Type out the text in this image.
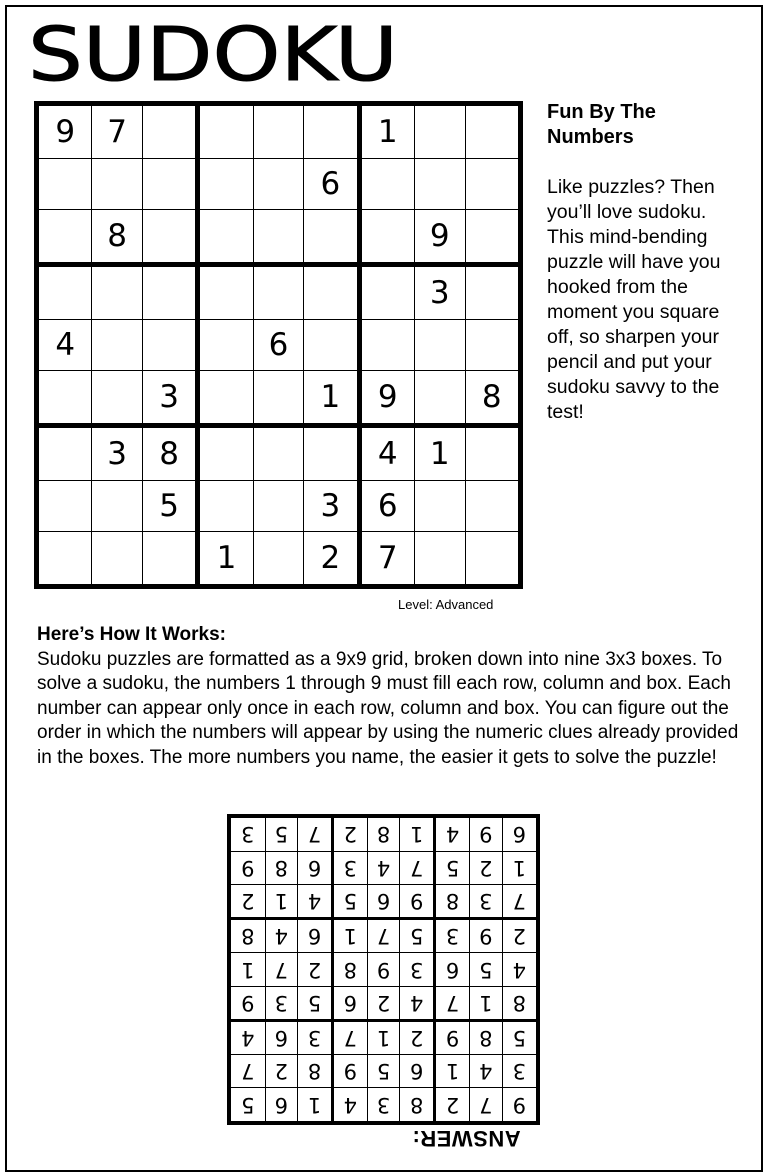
SUDOKU
9	7					1		
					6			
	8						9	
							3	
4				6				
		3			1	9		8
	3	8				4	1	
		5			3	6		
			1		2	7		
Fun By The Numbers

Like puzzles? Then you’ll love sudoku. This mind-bending puzzle will have you hooked from the moment you square off, so sharpen your pencil and put your sudoku savvy to the test!

Level: Advanced
Here’s How It Works:

Sudoku puzzles are formatted as a 9x9 grid, broken down into nine 3x3 boxes. To solve a sudoku, the numbers 1 through 9 must fill each row, column and box. Each number can appear only once in each row, column and box. You can figure out the order in which the numbers will appear by using the numeric clues already provided in the boxes. The more numbers you name, the easier it gets to solve the puzzle!

9	7	2	8	3	4	1	6	5
3	4	1	6	5	9	8	2	7
5	8	9	2	1	7	3	6	4
8	1	7	4	2	6	5	3	9
4	5	6	3	9	8	2	7	1
2	9	3	5	7	1	6	4	8
7	3	8	9	6	5	4	1	2
1	2	5	7	4	3	6	8	9
6	9	4	1	8	2	7	5	3
ANSWER:
